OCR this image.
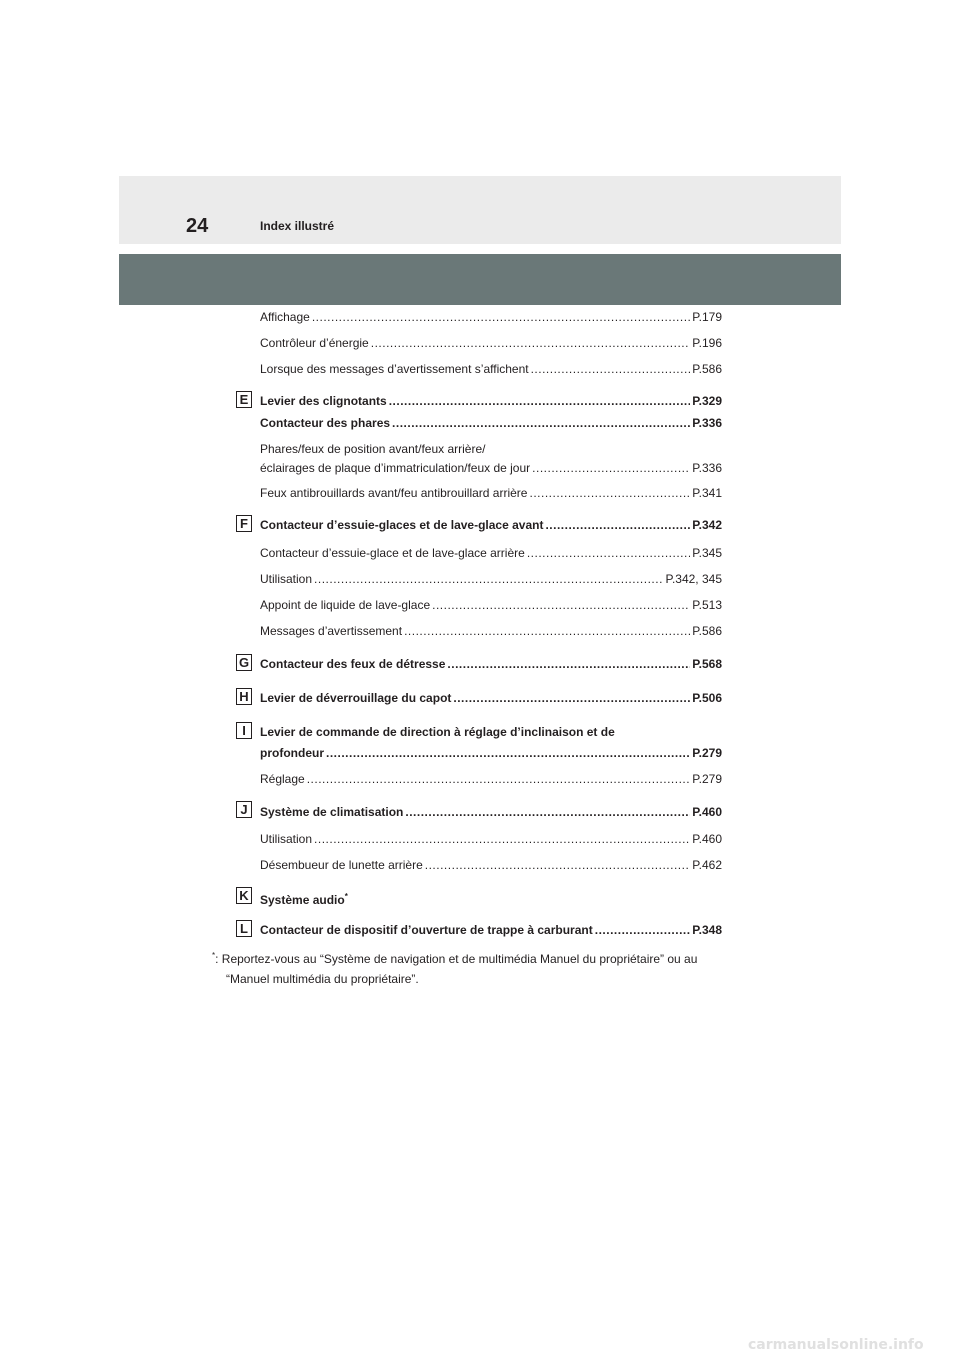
24	Index illustré
Affichage .....	P.179
Contrôleur d’énergie .....	P.196
Lorsque des messages d’avertissement s’affichent .....	P.586
E Levier des clignotants .....	P.329
Contacteur des phares .....	P.336
Phares/feux de position avant/feux arrière/
éclairages de plaque d’immatriculation/feux de jour .....	P.336
Feux antibrouillards avant/feu antibrouillard arrière .....	P.341
F	Contacteur d’essuie-glaces et de lave-glace avant .....	P.342
Contacteur d’essuie-glace et de lave-glace arrière .....	P.345
Utilisation .....	P.342, 345
Appoint de liquide de lave-glace .....	P.513
Messages d’avertissement .....	P.586
G Contacteur des feux de détresse .....	P.568
H Levier de déverrouillage du capot .....	P.506
I	Levier de commande de direction à réglage d’inclinaison et de
profondeur .....	P.279
Réglage .....	P.279
J	Système de climatisation .....	P.460
Utilisation .....	P.460
Désembueur de lunette arrière .....	P.462
K Système audio*
L	Contacteur de dispositif d’ouverture de trappe à carburant .....	P.348
*: Reportez-vous au “Système de navigation et de multimédia Manuel du propriétaire” ou au
“Manuel multimédia du propriétaire”.
carmanualsonline.info
